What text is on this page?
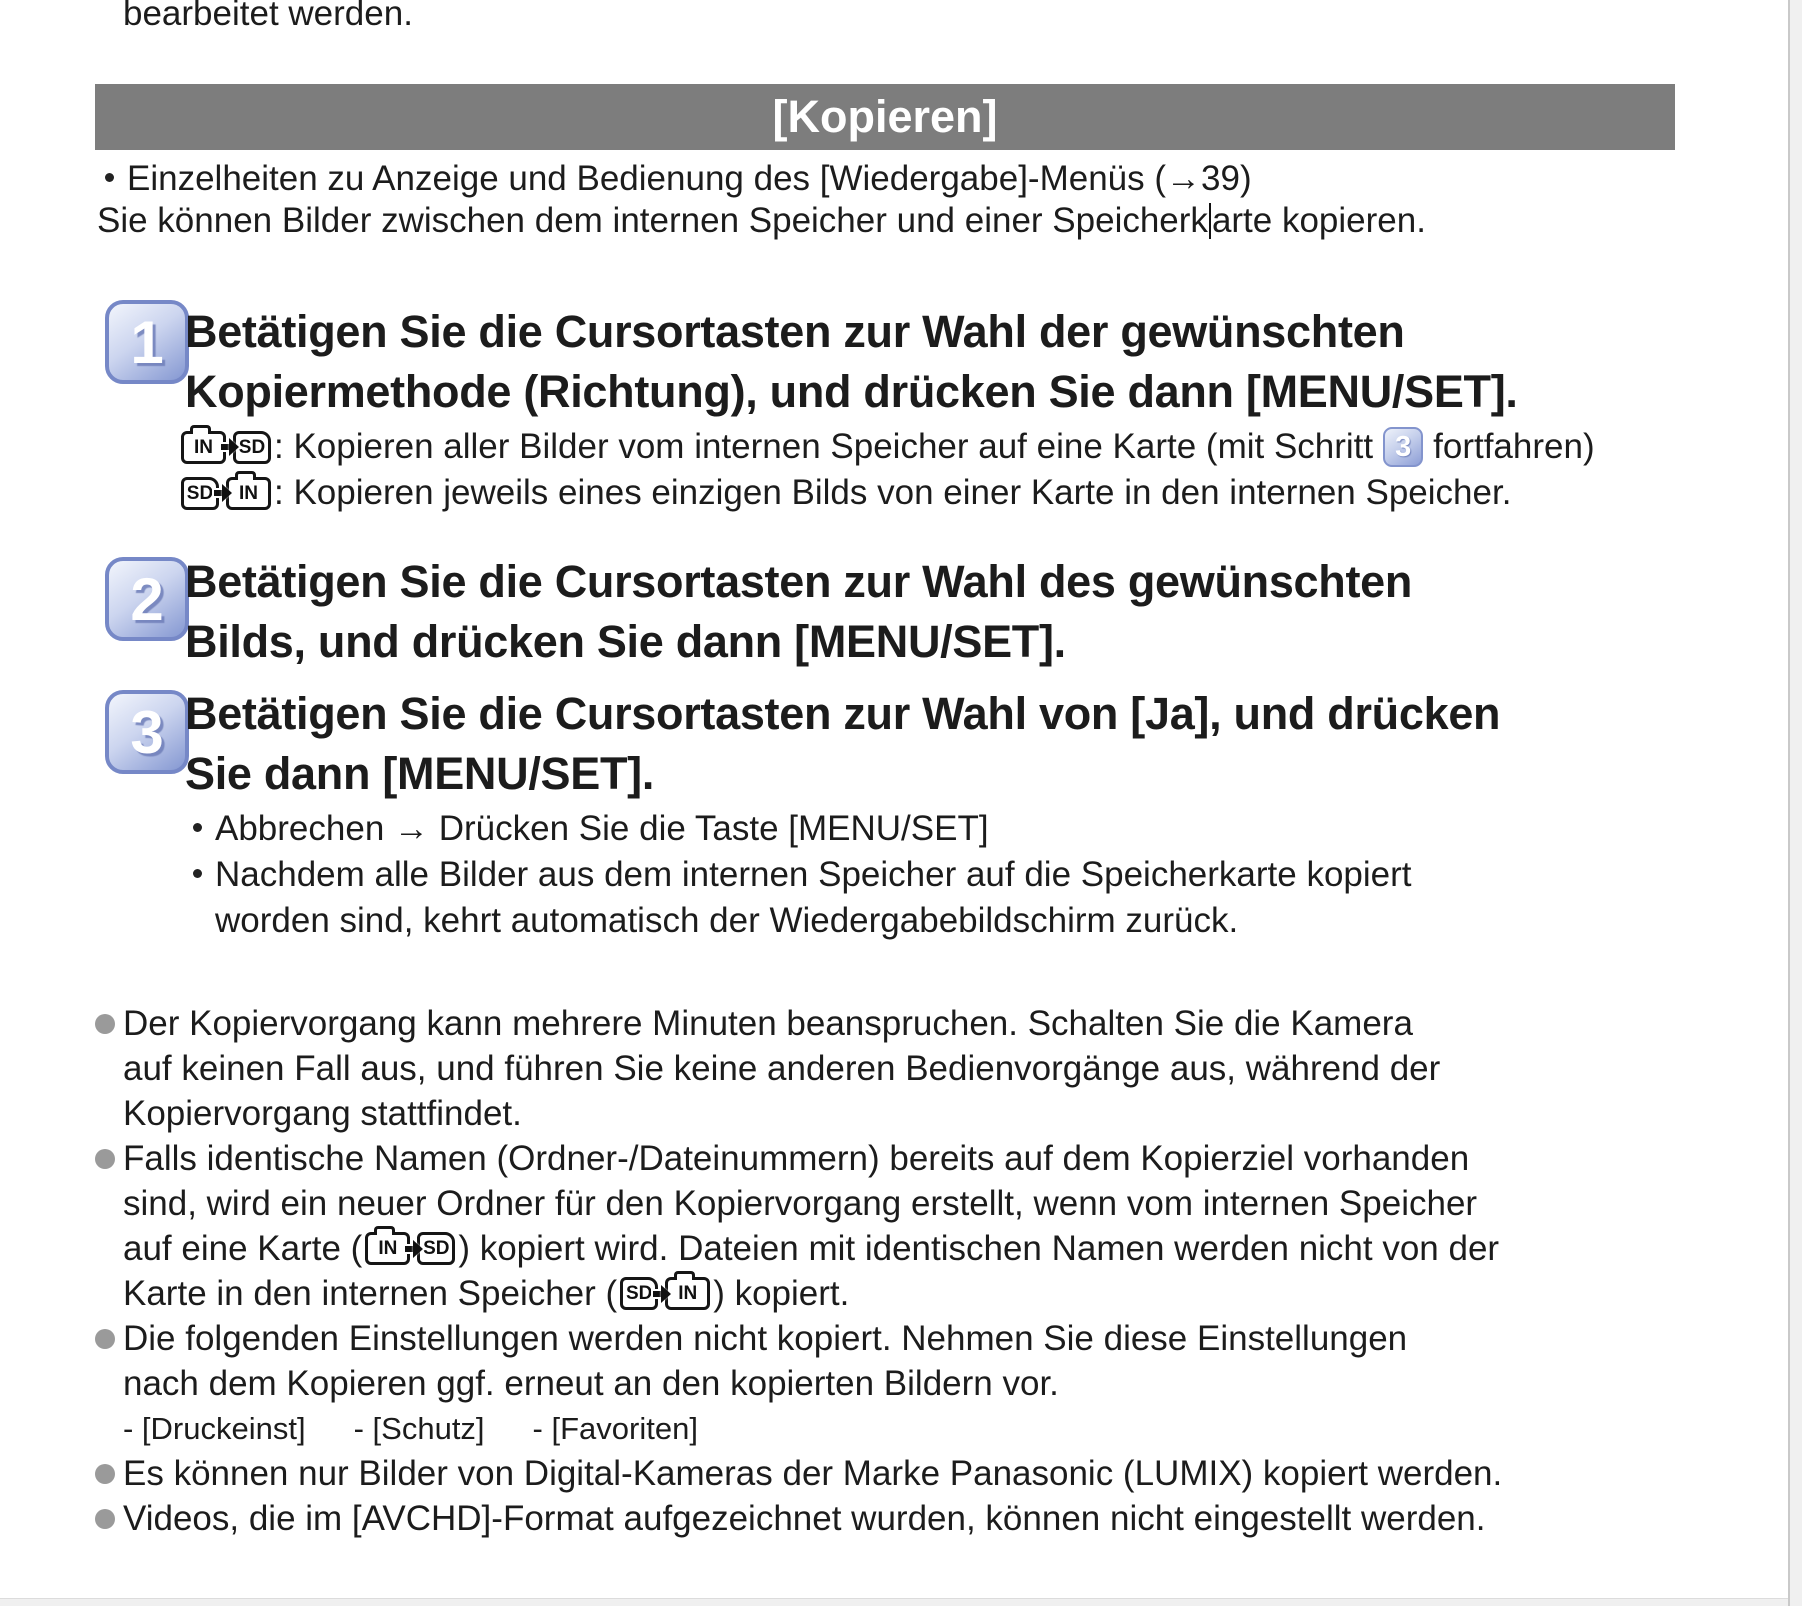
bearbeitet werden.
[Kopieren]
Einzelheiten zu Anzeige und Bedienung des [Wiedergabe]-Menüs (→39)
Sie können Bilder zwischen dem internen Speicher und einer Speicherk arte kopieren.
1 Betätigen Sie die Cursortasten zur Wahl der gewünschten
Kopiermethode (Richtung), und drücken Sie dann [MENU/SET].
IN SD : Kopieren aller Bilder vom internen Speicher auf eine Karte (mit Schritt 3 fortfahren)
SD IN : Kopieren jeweils eines einzigen Bilds von einer Karte in den internen Speicher.
2 Betätigen Sie die Cursortasten zur Wahl des gewünschten
Bilds, und drücken Sie dann [MENU/SET].
3 Betätigen Sie die Cursortasten zur Wahl von [Ja], und drücken
Sie dann [MENU/SET].
Abbrechen → Drücken Sie die Taste [MENU/SET]
Nachdem alle Bilder aus dem internen Speicher auf die Speicherkarte kopiert
worden sind, kehrt automatisch der Wiedergabebildschirm zurück.
Der Kopiervorgang kann mehrere Minuten beanspruchen. Schalten Sie die Kamera
auf keinen Fall aus, und führen Sie keine anderen Bedienvorgänge aus, während der
Kopiervorgang stattfindet.
Falls identische Namen (Ordner-/Dateinummern) bereits auf dem Kopierziel vorhanden
sind, wird ein neuer Ordner für den Kopiervorgang erstellt, wenn vom internen Speicher
auf eine Karte ( IN SD ) kopiert wird. Dateien mit identischen Namen werden nicht von der
Karte in den internen Speicher ( SD IN ) kopiert.
Die folgenden Einstellungen werden nicht kopiert. Nehmen Sie diese Einstellungen
nach dem Kopieren ggf. erneut an den kopierten Bildern vor.
- [Druckeinst] - [Schutz] - [Favoriten]
Es können nur Bilder von Digital-Kameras der Marke Panasonic (LUMIX) kopiert werden.
Videos, die im [AVCHD]-Format aufgezeichnet wurden, können nicht eingestellt werden.
